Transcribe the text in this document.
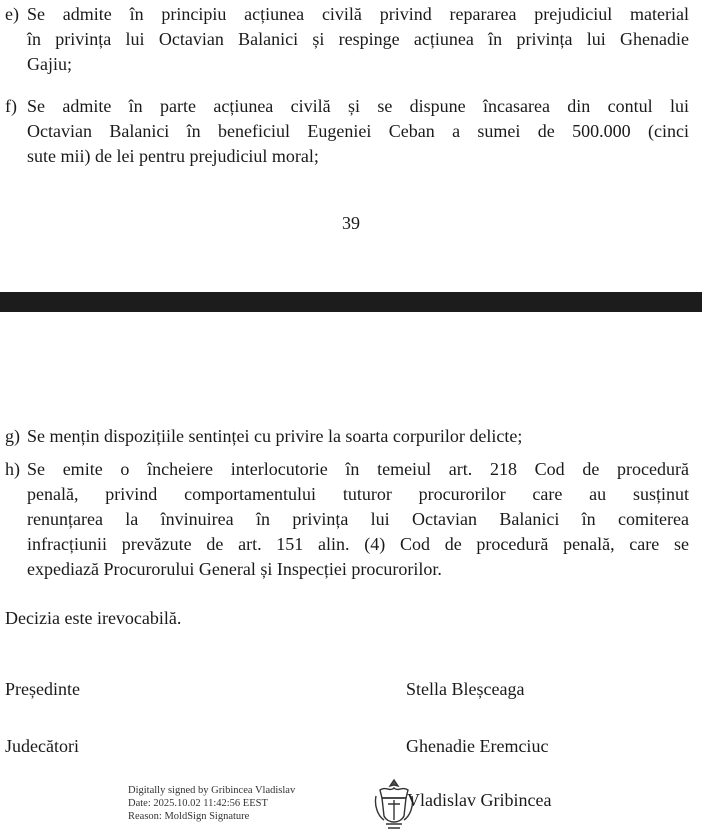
e) Se admite în principiu acțiunea civilă privind repararea prejudiciul material
în privința lui Octavian Balanici și respinge acțiunea în privința lui Ghenadie
Gajiu;
f) Se admite în parte acțiunea civilă și se dispune încasarea din contul lui
Octavian Balanici în beneficiul Eugeniei Ceban a sumei de 500.000 (cinci
sute mii) de lei pentru prejudiciul moral;
39
g) Se mențin dispozițiile sentinței cu privire la soarta corpurilor delicte;
h) Se emite o încheiere interlocutorie în temeiul art. 218 Cod de procedură
penală, privind comportamentului tuturor procurorilor care au susținut
renunțarea la învinuirea în privința lui Octavian Balanici în comiterea
infracțiunii prevăzute de art. 151 alin. (4) Cod de procedură penală, care se
expediază Procurorului General și Inspecției procurorilor.
Decizia este irevocabilă.
Președinte	Stella Bleșceaga
Judecători	Ghenadie Eremciuc
Digitally signed by Gribincea Vladislav
Date: 2025.10.02 11:42:56 EEST
Reason: MoldSign Signature
Vladislav Gribincea
